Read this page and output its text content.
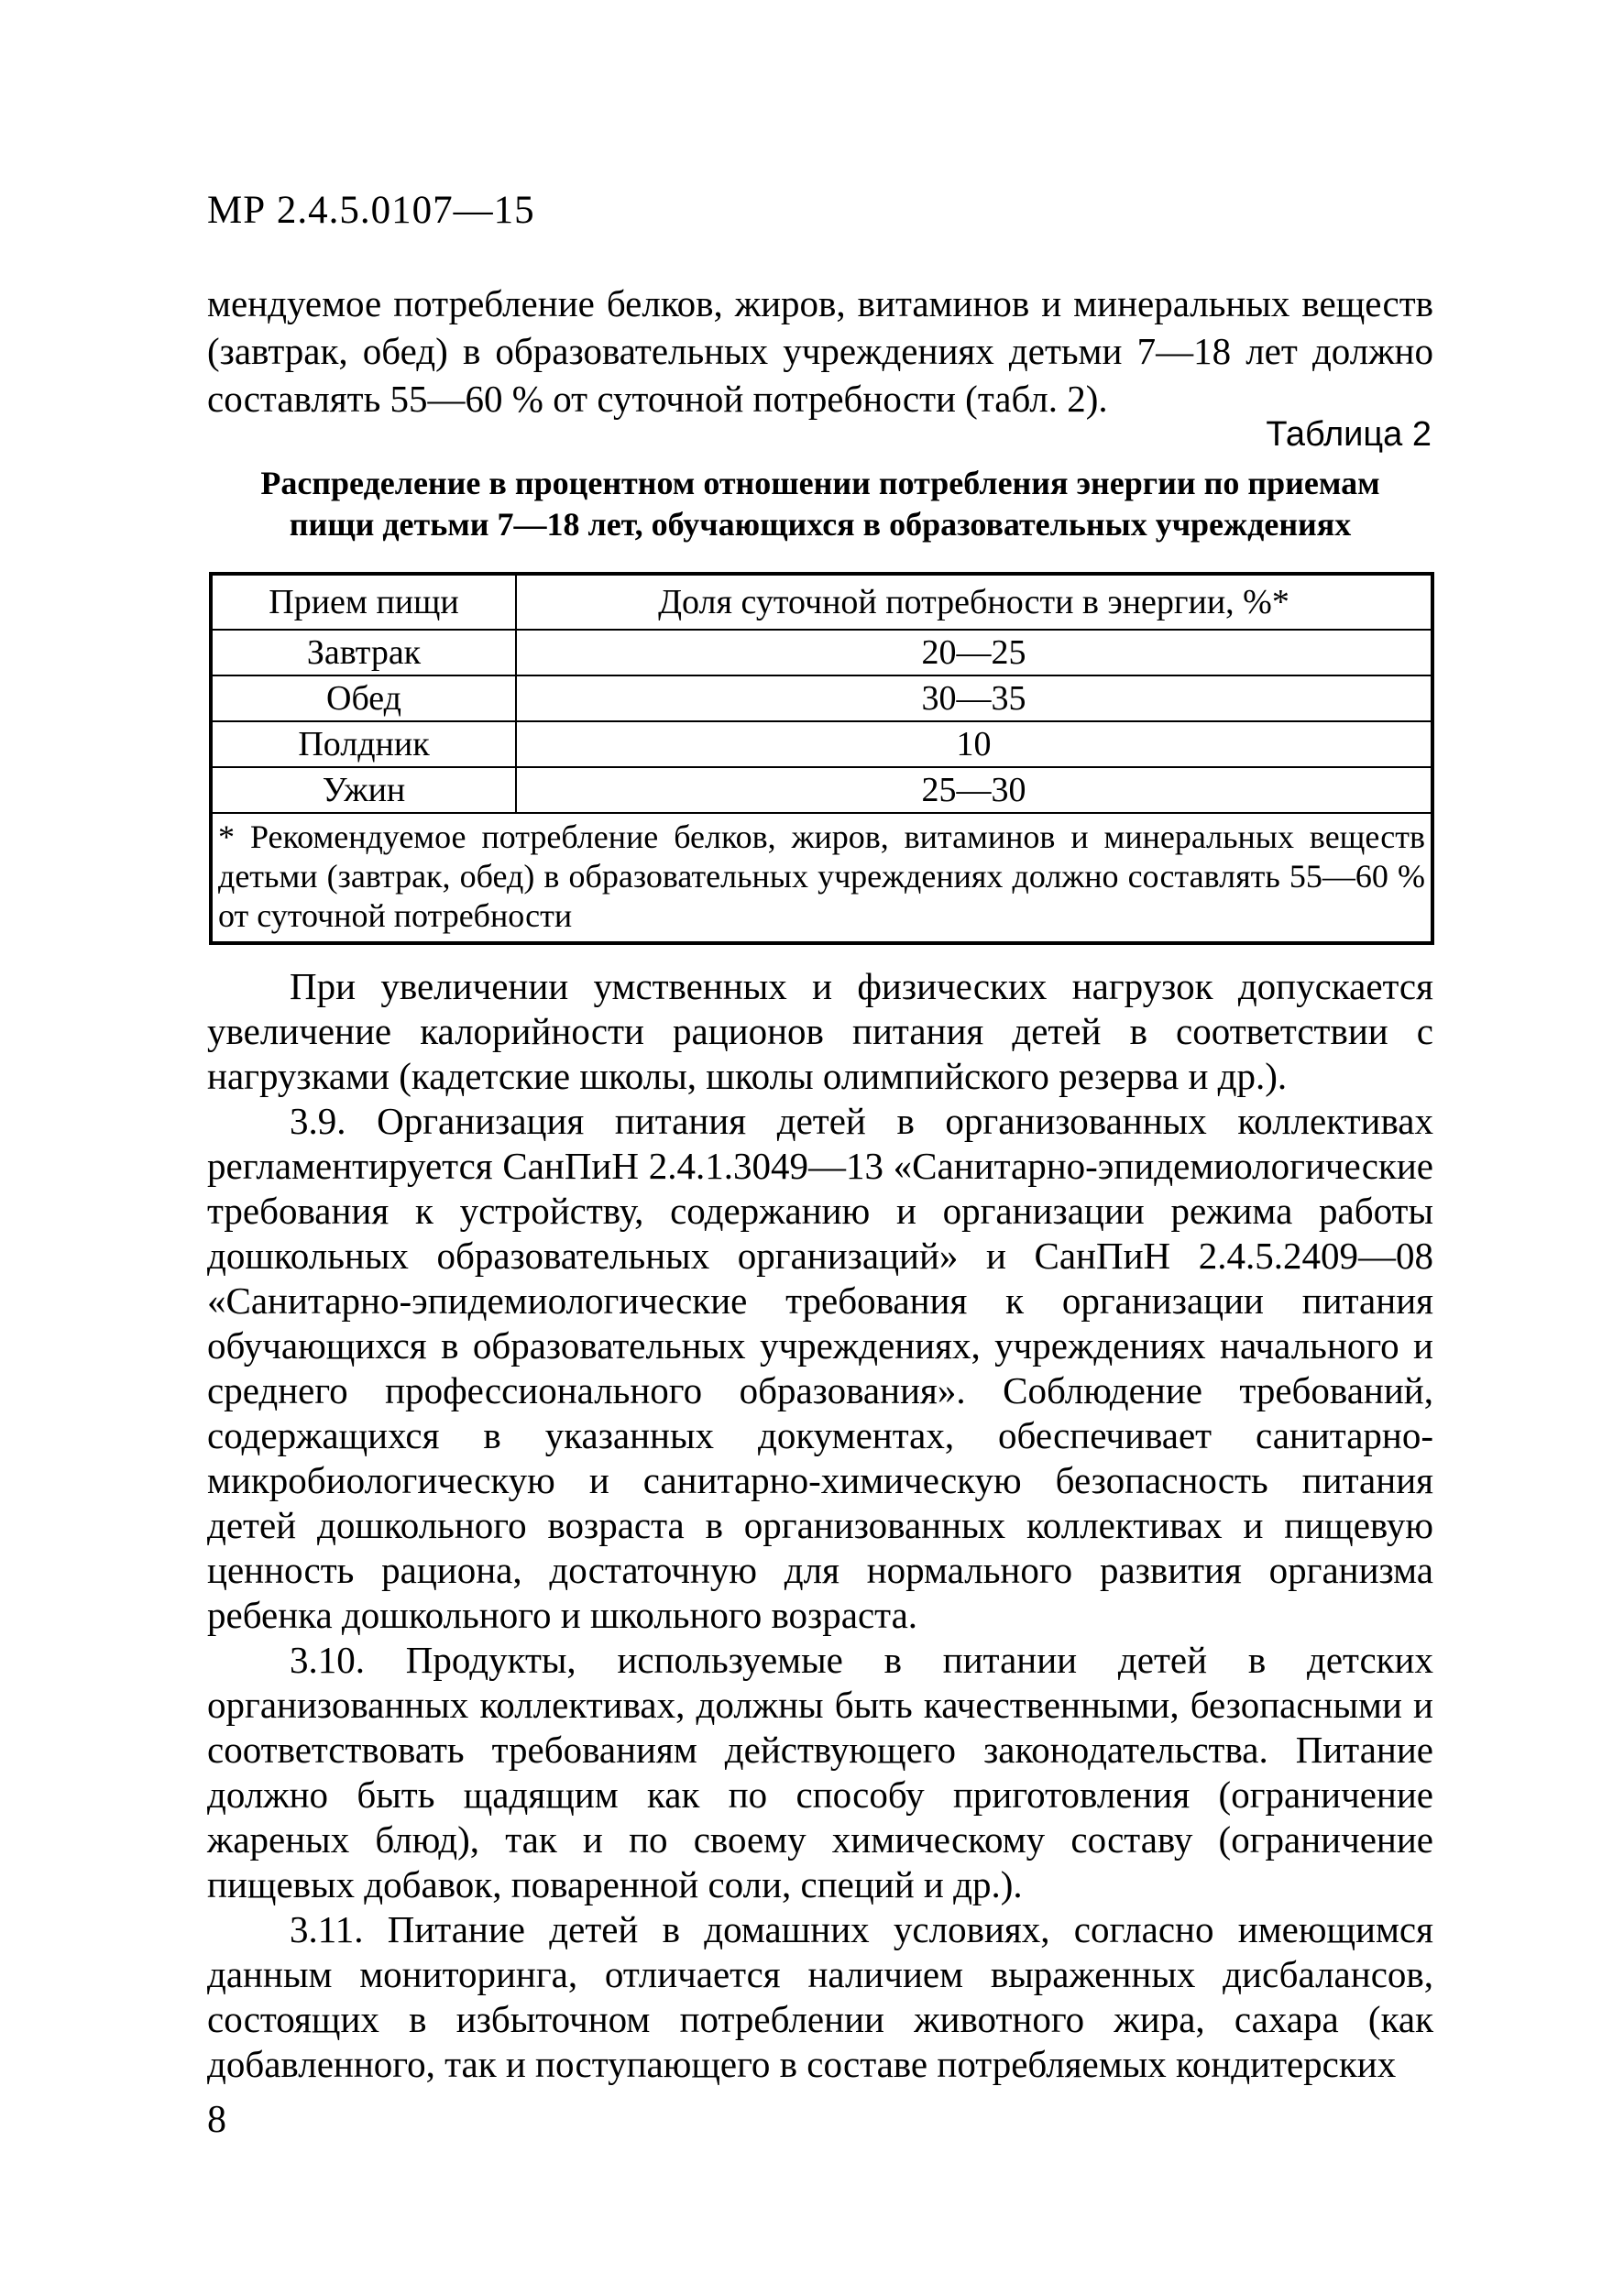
МР 2.4.5.0107—15

мендуемое потребление белков, жиров, витаминов и минеральных веществ (завтрак, обед) в образовательных учреждениях детьми 7—18 лет должно составлять 55—60 % от суточной потребности (табл. 2).

Таблица 2

Распределение в процентном отношении потребления энергии по приемам
пищи детьми 7—18 лет, обучающихся в образовательных учреждениях

Прием пищи	Доля суточной потребности в энергии, %*
Завтрак	20—25
Обед	30—35
Полдник	10
Ужин	25—30
* Рекомендуемое потребление белков, жиров, витаминов и минеральных веществ детьми (завтрак, обед) в образовательных учреждениях должно составлять 55—60 % от суточной потребности	

При увеличении умственных и физических нагрузок допускается увеличение калорийности рационов питания детей в соответствии с нагрузками (кадетские школы, школы олимпийского резерва и др.).

3.9. Организация питания детей в организованных коллективах регламентируется СанПиН 2.4.1.3049—13 «Санитарно-эпидемиологические требования к устройству, содержанию и организации режима работы дошкольных образовательных организаций» и СанПиН 2.4.5.2409—08 «Санитарно-эпидемиологические требования к организации питания обучающихся в образовательных учреждениях, учреждениях начального и среднего профессионального образования». Соблюдение требований, содержащихся в указанных документах, обеспечивает санитарно-микробиологическую и санитарно-химическую безопасность питания детей дошкольного возраста в организованных коллективах и пищевую ценность рациона, достаточную для нормального развития организма ребенка дошкольного и школьного возраста.

3.10. Продукты, используемые в питании детей в детских организованных коллективах, должны быть качественными, безопасными и соответствовать требованиям действующего законодательства. Питание должно быть щадящим как по способу приготовления (ограничение жареных блюд), так и по своему химическому составу (ограничение пищевых добавок, поваренной соли, специй и др.).

3.11. Питание детей в домашних условиях, согласно имеющимся данным мониторинга, отличается наличием выраженных дисбалансов, состоящих в избыточном потреблении животного жира, сахара (как добавленного, так и поступающего в составе потребляемых кондитерских

8
